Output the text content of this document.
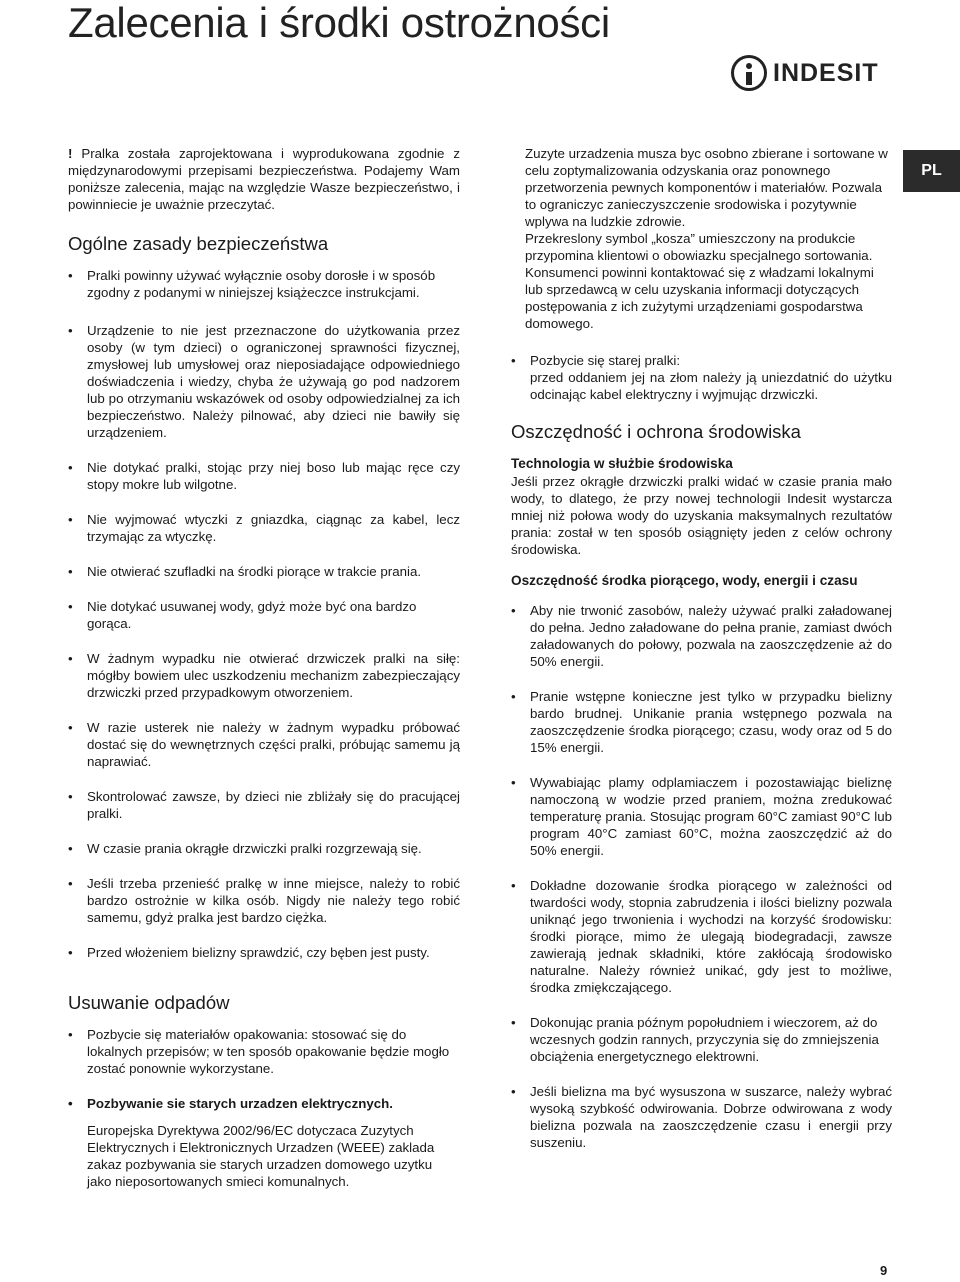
Zalecenia i środki ostrożności
INDESIT
PL

! Pralka została zaprojektowana i wyprodukowana zgodnie z międzynarodowymi przepisami bezpieczeństwa. Podajemy Wam poniższe zalecenia, mając na względzie Wasze bezpieczeństwo, i powinniecie je uważnie przeczytać.

Ogólne zasady bezpieczeństwa
• Pralki powinny używać wyłącznie osoby dorosłe i w sposób zgodny z podanymi w niniejszej książeczce instrukcjami.
• Urządzenie to nie jest przeznaczone do użytkowania przez osoby (w tym dzieci) o ograniczonej sprawności fizycznej, zmysłowej lub umysłowej oraz nieposiadające odpowiedniego doświadczenia i wiedzy, chyba że używają go pod nadzorem lub po otrzymaniu wskazówek od osoby odpowiedzialnej za ich bezpieczeństwo. Należy pilnować, aby dzieci nie bawiły się urządzeniem.
• Nie dotykać pralki, stojąc przy niej boso lub mając ręce czy stopy mokre lub wilgotne.
• Nie wyjmować wtyczki z gniazdka, ciągnąc za kabel, lecz trzymając za wtyczkę.
• Nie otwierać szufladki na środki piorące w trakcie prania.
• Nie dotykać usuwanej wody, gdyż może być ona bardzo gorąca.
• W żadnym wypadku nie otwierać drzwiczek pralki na siłę: mógłby bowiem ulec uszkodzeniu mechanizm zabezpieczający drzwiczki przed przypadkowym otworzeniem.
• W razie usterek nie należy w żadnym wypadku próbować dostać się do wewnętrznych części pralki, próbując samemu ją naprawiać.
• Skontrolować zawsze, by dzieci nie zbliżały się do pracującej pralki.
• W czasie prania okrągłe drzwiczki pralki rozgrzewają się.
• Jeśli trzeba przenieść pralkę w inne miejsce, należy to robić bardzo ostrożnie w kilka osób. Nigdy nie należy tego robić samemu, gdyż pralka jest bardzo ciężka.
• Przed włożeniem bielizny sprawdzić, czy bęben jest pusty.
Usuwanie odpadów
• Pozbycie się materiałów opakowania: stosować się do lokalnych przepisów; w ten sposób opakowanie będzie mogło zostać ponownie wykorzystane.
• Pozbywanie sie starych urzadzen elektrycznych.

Europejska Dyrektywa 2002/96/EC dotyczaca Zuzytych Elektrycznych i Elektronicznych Urzadzen (WEEE) zaklada zakaz pozbywania sie starych urzadzen domowego uzytku jako nieposortowanych smieci komunalnych.

Zuzyte urzadzenia musza byc osobno zbierane i sortowane w celu zoptymalizowania odzyskania oraz ponownego przetworzenia pewnych komponentów i materiałów. Pozwala to ograniczyc zanieczyszczenie srodowiska i pozytywnie wplywa na ludzkie zdrowie.

Przekreslony symbol „kosza” umieszczony na produkcie przypomina klientowi o obowiazku specjalnego sortowania.

Konsumenci powinni kontaktować się z władzami lokalnymi lub sprzedawcą w celu uzyskania informacji dotyczących postępowania z ich zużytymi urządzeniami gospodarstwa domowego.

• Pozbycie się starej pralki:

przed oddaniem jej na złom należy ją uniezdatnić do użytku odcinając kabel elektryczny i wyjmując drzwiczki.

Oszczędność i ochrona środowiska
Technologia w służbie środowiska

Jeśli przez okrągłe drzwiczki pralki widać w czasie prania mało wody, to dlatego, że przy nowej technologii Indesit wystarcza mniej niż połowa wody do uzyskania maksymalnych rezultatów prania: został w ten sposób osiągnięty jeden z celów ochrony środowiska.

Oszczędność środka piorącego, wody, energii i czasu
• Aby nie trwonić zasobów, należy używać pralki załadowanej do pełna. Jedno załadowane do pełna pranie, zamiast dwóch załadowanych do połowy, pozwala na zaoszczędzenie aż do 50% energii.
• Pranie wstępne konieczne jest tylko w przypadku bielizny bardo brudnej. Unikanie prania wstępnego pozwala na zaoszczędzenie środka piorącego; czasu, wody oraz od 5 do 15% energii.
• Wywabiając plamy odplamiaczem i pozostawiając bieliznę namoczoną w wodzie przed praniem, można zredukować temperaturę prania. Stosując program 60°C zamiast 90°C lub program 40°C zamiast 60°C, można zaoszczędzić aż do 50% energii.
• Dokładne dozowanie środka piorącego w zależności od twardości wody, stopnia zabrudzenia i ilości bielizny pozwala uniknąć jego trwonienia i wychodzi na korzyść środowisku: środki piorące, mimo że ulegają biodegradacji, zawsze zawierają jednak składniki, które zakłócają środowisko naturalne. Należy również unikać, gdy jest to możliwe, środka zmiękczającego.
• Dokonując prania późnym popołudniem i wieczorem, aż do wczesnych godzin rannych, przyczynia się do zmniejszenia obciążenia energetycznego elektrowni.
• Jeśli bielizna ma być wysuszona w suszarce, należy wybrać wysoką szybkość odwirowania. Dobrze odwirowana z wody bielizna pozwala na zaoszczędzenie czasu i energii przy suszeniu.
9
